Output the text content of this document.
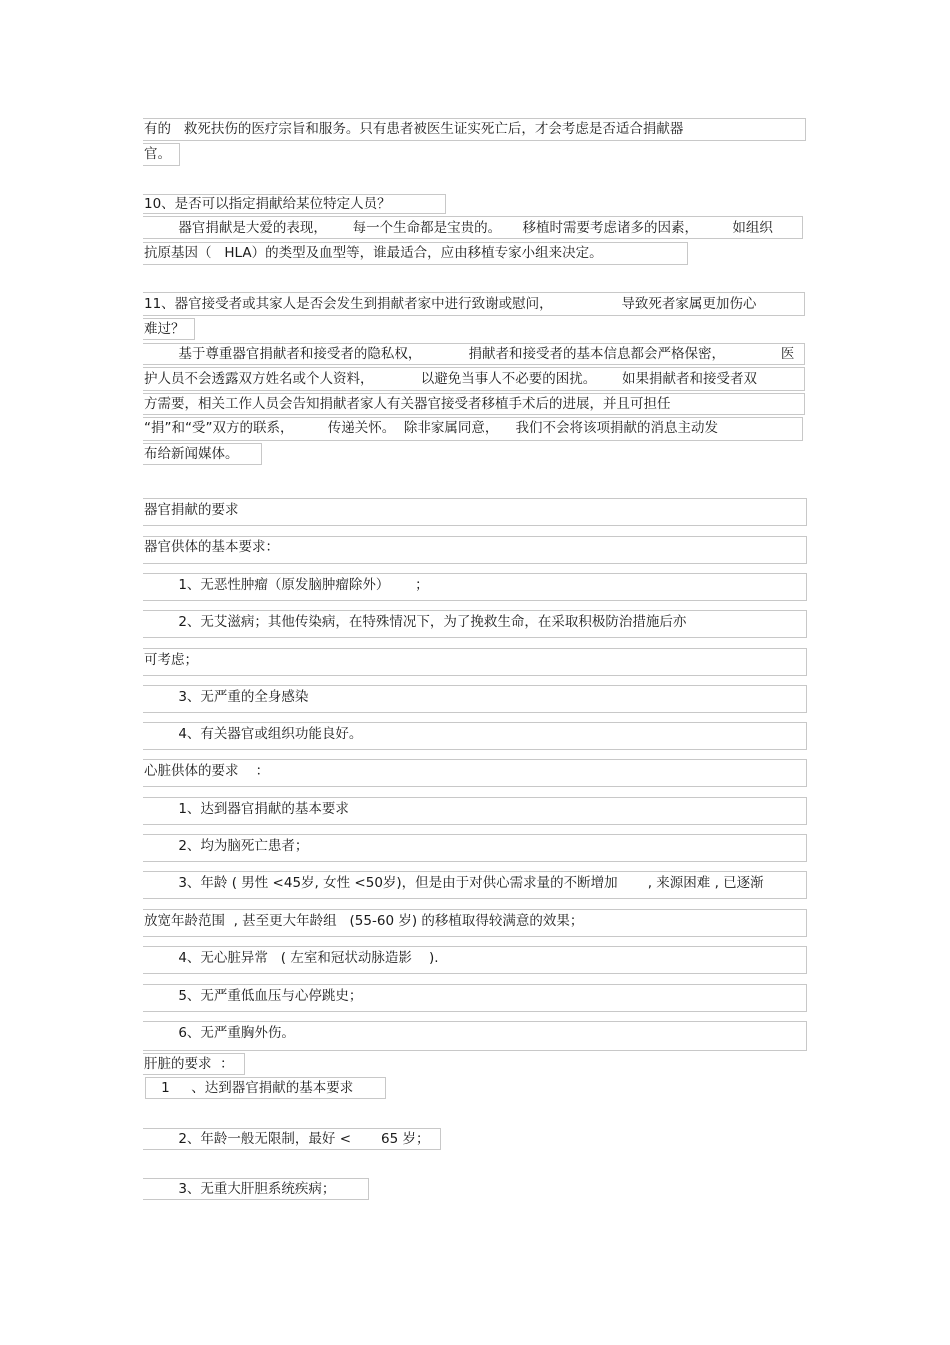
有的   救死扶伤的医疗宗旨和服务。只有患者被医生证实死亡后，才会考虑是否适合捐献器
官。
10、是否可以指定捐献给某位特定人员？
器官捐献是大爱的表现，      每一个生命都是宝贵的。     移植时需要考虑诸多的因素，        如组织
抗原基因（   HLA）的类型及血型等，谁最适合，应由移植专家小组来决定。
11、器官接受者或其家人是否会发生到捐献者家中进行致谢或慰问，                导致死者家属更加伤心
难过？
基于尊重器官捐献者和接受者的隐私权，           捐献者和接受者的基本信息都会严格保密，             医
护人员不会透露双方姓名或个人资料，           以避免当事人不必要的困扰。      如果捐献者和接受者双
方需要，相关工作人员会告知捐献者家人有关器官接受者移植手术后的进展，并且可担任
“捐”和“受”双方的联系，        传递关怀。  除非家属同意，    我们不会将该项捐献的消息主动发
布给新闻媒体。
器官捐献的要求
器官供体的基本要求：
1、无恶性肿瘤（原发脑肿瘤除外）      ；
2、无艾滋病；其他传染病，在特殊情况下，为了挽救生命，在采取积极防治措施后亦
可考虑；
3、无严重的全身感染
4、有关器官或组织功能良好。
心脏供体的要求    ：
1、达到器官捐献的基本要求
2、均为脑死亡患者；
3、年龄 ( 男性 <45岁, 女性 <50岁)，但是由于对供心需求量的不断增加       , 来源困难 , 已逐渐
放宽年龄范围  , 甚至更大年龄组   (55-60 岁) 的移植取得较满意的效果；
4、无心脏异常   ( 左室和冠状动脉造影    ).
5、无严重低血压与心停跳史；
6、无严重胸外伤。
肝脏的要求  ：
1     、达到器官捐献的基本要求
2、年龄一般无限制，最好 <       65 岁；
3、无重大肝胆系统疾病；
